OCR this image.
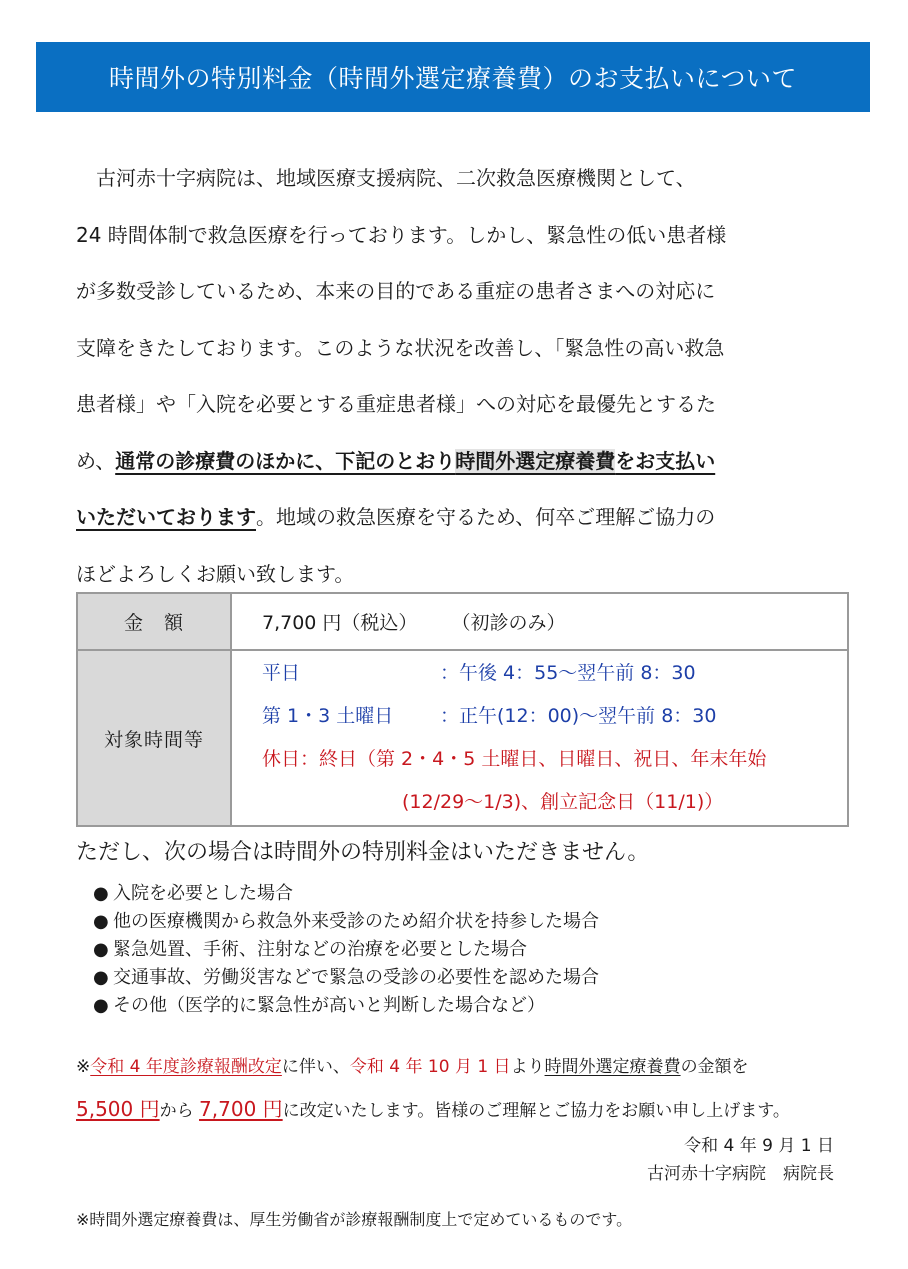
時間外の特別料金（時間外選定療養費）のお支払いについて
古河赤十字病院は、地域医療支援病院、二次救急医療機関として、
24 時間体制で救急医療を行っております。しかし、緊急性の低い患者様
が多数受診しているため、本来の目的である重症の患者さまへの対応に
支障をきたしております。このような状況を改善し、「緊急性の高い救急
患者様」や「入院を必要とする重症患者様」への対応を最優先とするた
め、通常の診療費のほかに、下記のとおり時間外選定療養費をお支払い
いただいております。地域の救急医療を守るため、何卒ご理解ご協力の
ほどよろしくお願い致します。
金　額	7,700 円（税込） （初診のみ）
対象時間等	平日 ：午後 4：55～翌午前 8：30
第 1・3 土曜日 ：正午(12：00)～翌午前 8：30
休日：終日（第 2・4・5 土曜日、日曜日、祝日、年末年始
(12/29～1/3)、創立記念日（11/1)）
ただし、次の場合は時間外の特別料金はいただきません。
● 入院を必要とした場合
● 他の医療機関から救急外来受診のため紹介状を持参した場合
● 緊急処置、手術、注射などの治療を必要とした場合
● 交通事故、労働災害などで緊急の受診の必要性を認めた場合
● その他（医学的に緊急性が高いと判断した場合など）
※令和 4 年度診療報酬改定に伴い、令和 4 年 10 月 1 日より時間外選定療養費の金額を
5,500 円から 7,700 円に改定いたします。皆様のご理解とご協力をお願い申し上げます。
令和 4 年 9 月 1 日
古河赤十字病院　病院長
※時間外選定療養費は、厚生労働省が診療報酬制度上で定めているものです。
